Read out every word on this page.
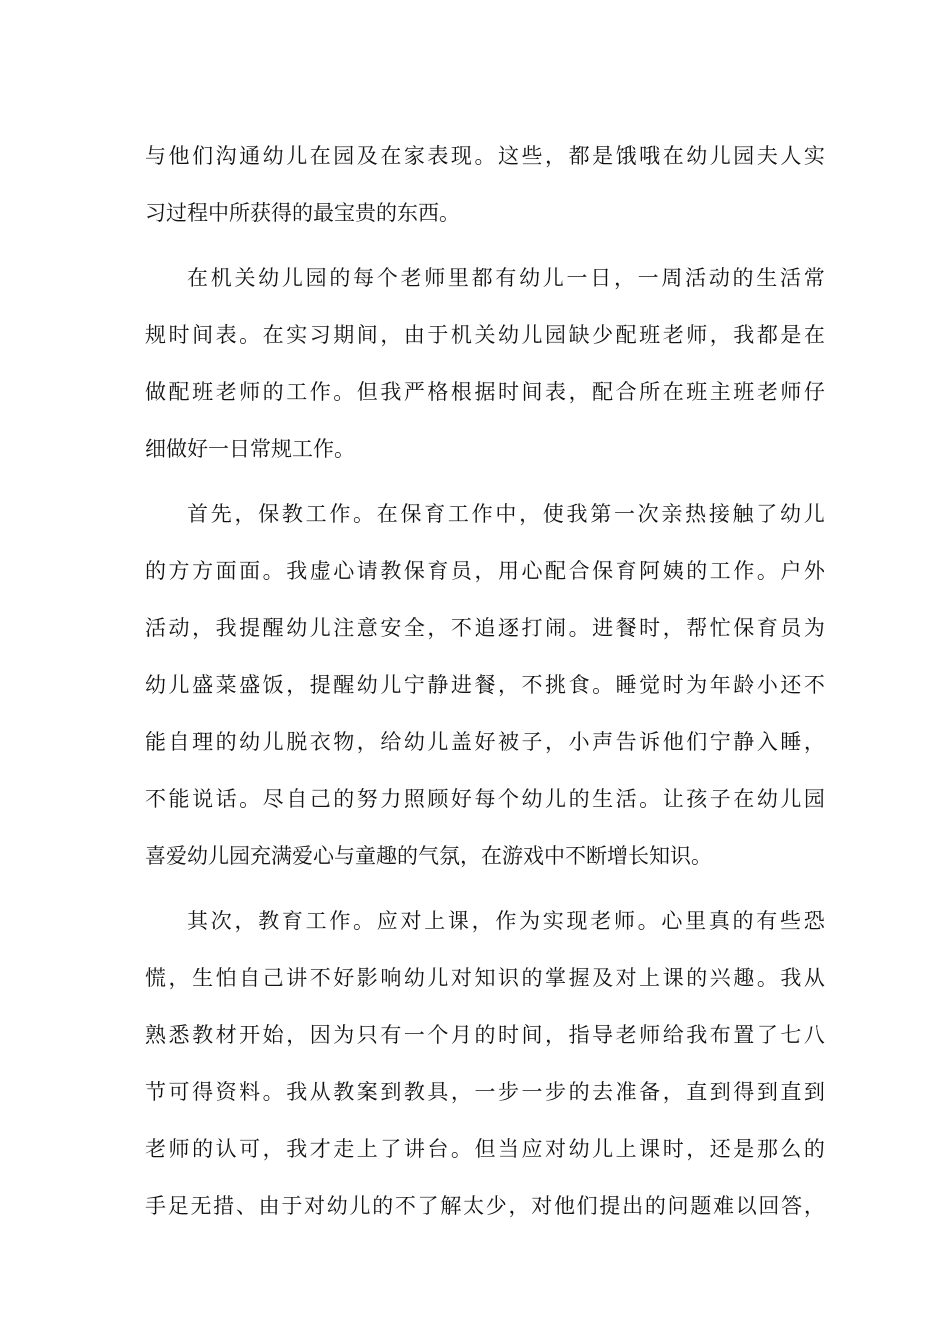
与 他 们 沟 通 幼 儿 在 园 及 在 家 表 现 。 这 些 ， 都 是 饿 哦 在 幼 儿 园 夫 人 实
习过程中所获得的最宝贵的东西。
在 机 关 幼 儿 园 的 每 个 老 师 里 都 有 幼 儿 一 日 ， 一 周 活 动 的 生 活 常
规 时 间 表 。 在 实 习 期 间 ， 由 于 机 关 幼 儿 园 缺 少 配 班 老 师 ， 我 都 是 在
做 配 班 老 师 的 工 作 。 但 我 严 格 根 据 时 间 表 ， 配 合 所 在 班 主 班 老 师 仔
细做好一日常规工作。
首 先 ， 保 教 工 作 。 在 保 育 工 作 中 ， 使 我 第 一 次 亲 热 接 触 了 幼 儿
的 方 方 面 面 。 我 虚 心 请 教 保 育 员 ， 用 心 配 合 保 育 阿 姨 的 工 作 。 户 外
活 动 ， 我 提 醒 幼 儿 注 意 安 全 ， 不 追 逐 打 闹 。 进 餐 时 ， 帮 忙 保 育 员 为
幼 儿 盛 菜 盛 饭 ， 提 醒 幼 儿 宁 静 进 餐 ， 不 挑 食 。 睡 觉 时 为 年 龄 小 还 不
能 自 理 的 幼 儿 脱 衣 物 ， 给 幼 儿 盖 好 被 子 ， 小 声 告 诉 他 们 宁 静 入 睡 ，
不 能 说 话 。 尽 自 己 的 努 力 照 顾 好 每 个 幼 儿 的 生 活 。 让 孩 子 在 幼 儿 园
喜爱幼儿园充满爱心与童趣的气氛，在游戏中不断增长知识。
其 次 ， 教 育 工 作 。 应 对 上 课 ， 作 为 实 现 老 师 。 心 里 真 的 有 些 恐
慌 ， 生 怕 自 己 讲 不 好 影 响 幼 儿 对 知 识 的 掌 握 及 对 上 课 的 兴 趣 。 我 从
熟 悉 教 材 开 始 ， 因 为 只 有 一 个 月 的 时 间 ， 指 导 老 师 给 我 布 置 了 七 八
节 可 得 资 料 。 我 从 教 案 到 教 具 ， 一 步 一 步 的 去 准 备 ， 直 到 得 到 直 到
老 师 的 认 可 ， 我 才 走 上 了 讲 台 。 但 当 应 对 幼 儿 上 课 时 ， 还 是 那 么 的
手 足 无 措 、 由 于 对 幼 儿 的 不 了 解 太 少 ， 对 他 们 提 出 的 问 题 难 以 回 答 ，
